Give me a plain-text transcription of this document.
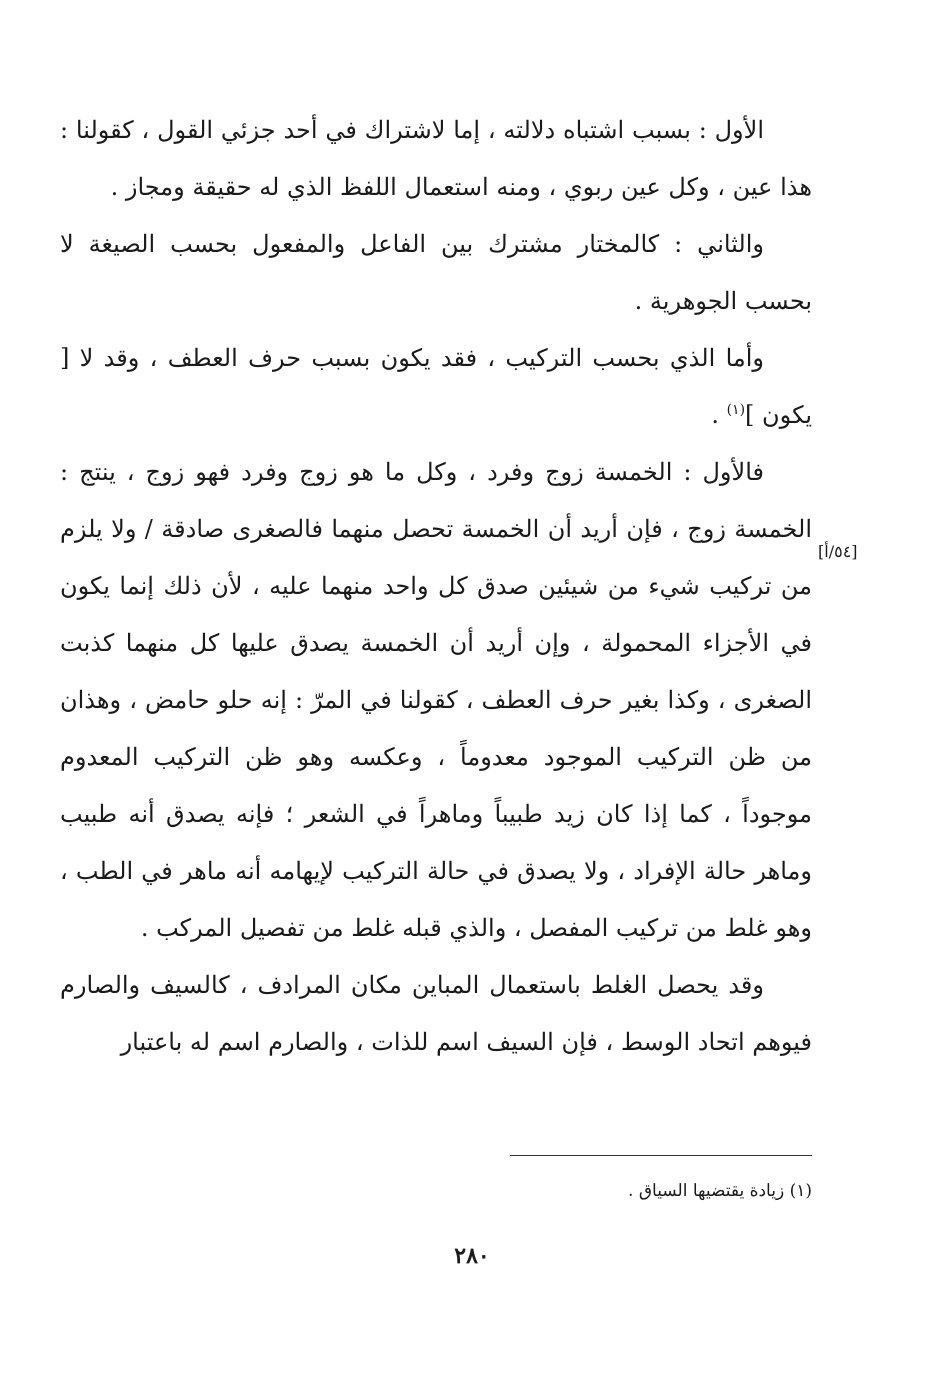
الأول : بسبب اشتباه دلالته ، إما لاشتراك في أحد جزئي القول ، كقولنا : هذا عين ، وكل عين ربوي ، ومنه استعمال اللفظ الذي له حقيقة ومجاز .

والثاني : كالمختار مشترك بين الفاعل والمفعول بحسب الصيغة لا بحسب الجوهرية .

وأما الذي بحسب التركيب ، فقد يكون بسبب حرف العطف ، وقد لا [ يكون ]$^{(١)}$ .

فالأول : الخمسة زوج وفرد ، وكل ما هو زوج وفرد فهو زوج ، ينتج : الخمسة زوج ، فإن أريد أن الخمسة تحصل منهما فالصغرى صادقة / ولا يلزم من تركيب شيء من شيئين صدق كل واحد منهما عليه ، لأن ذلك إنما يكون في الأجزاء المحمولة ، وإن أريد أن الخمسة يصدق عليها كل منهما كذبت الصغرى ، وكذا بغير حرف العطف ، كقولنا في المرّ : إنه حلو حامض ، وهذان من ظن التركيب الموجود معدوماً ، وعكسه وهو ظن التركيب المعدوم موجوداً ، كما إذا كان زيد طبيباً وماهراً في الشعر ؛ فإنه يصدق أنه طبيب وماهر حالة الإفراد ، ولا يصدق في حالة التركيب لإيهامه أنه ماهر في الطب ، وهو غلط من تركيب المفصل ، والذي قبله غلط من تفصيل المركب .

وقد يحصل الغلط باستعمال المباين مكان المرادف ، كالسيف والصارم فيوهم اتحاد الوسط ، فإن السيف اسم للذات ، والصارم اسم له باعتبار

[٥٤/أ]
(١) زيادة يقتضيها السياق .
٢٨٠
